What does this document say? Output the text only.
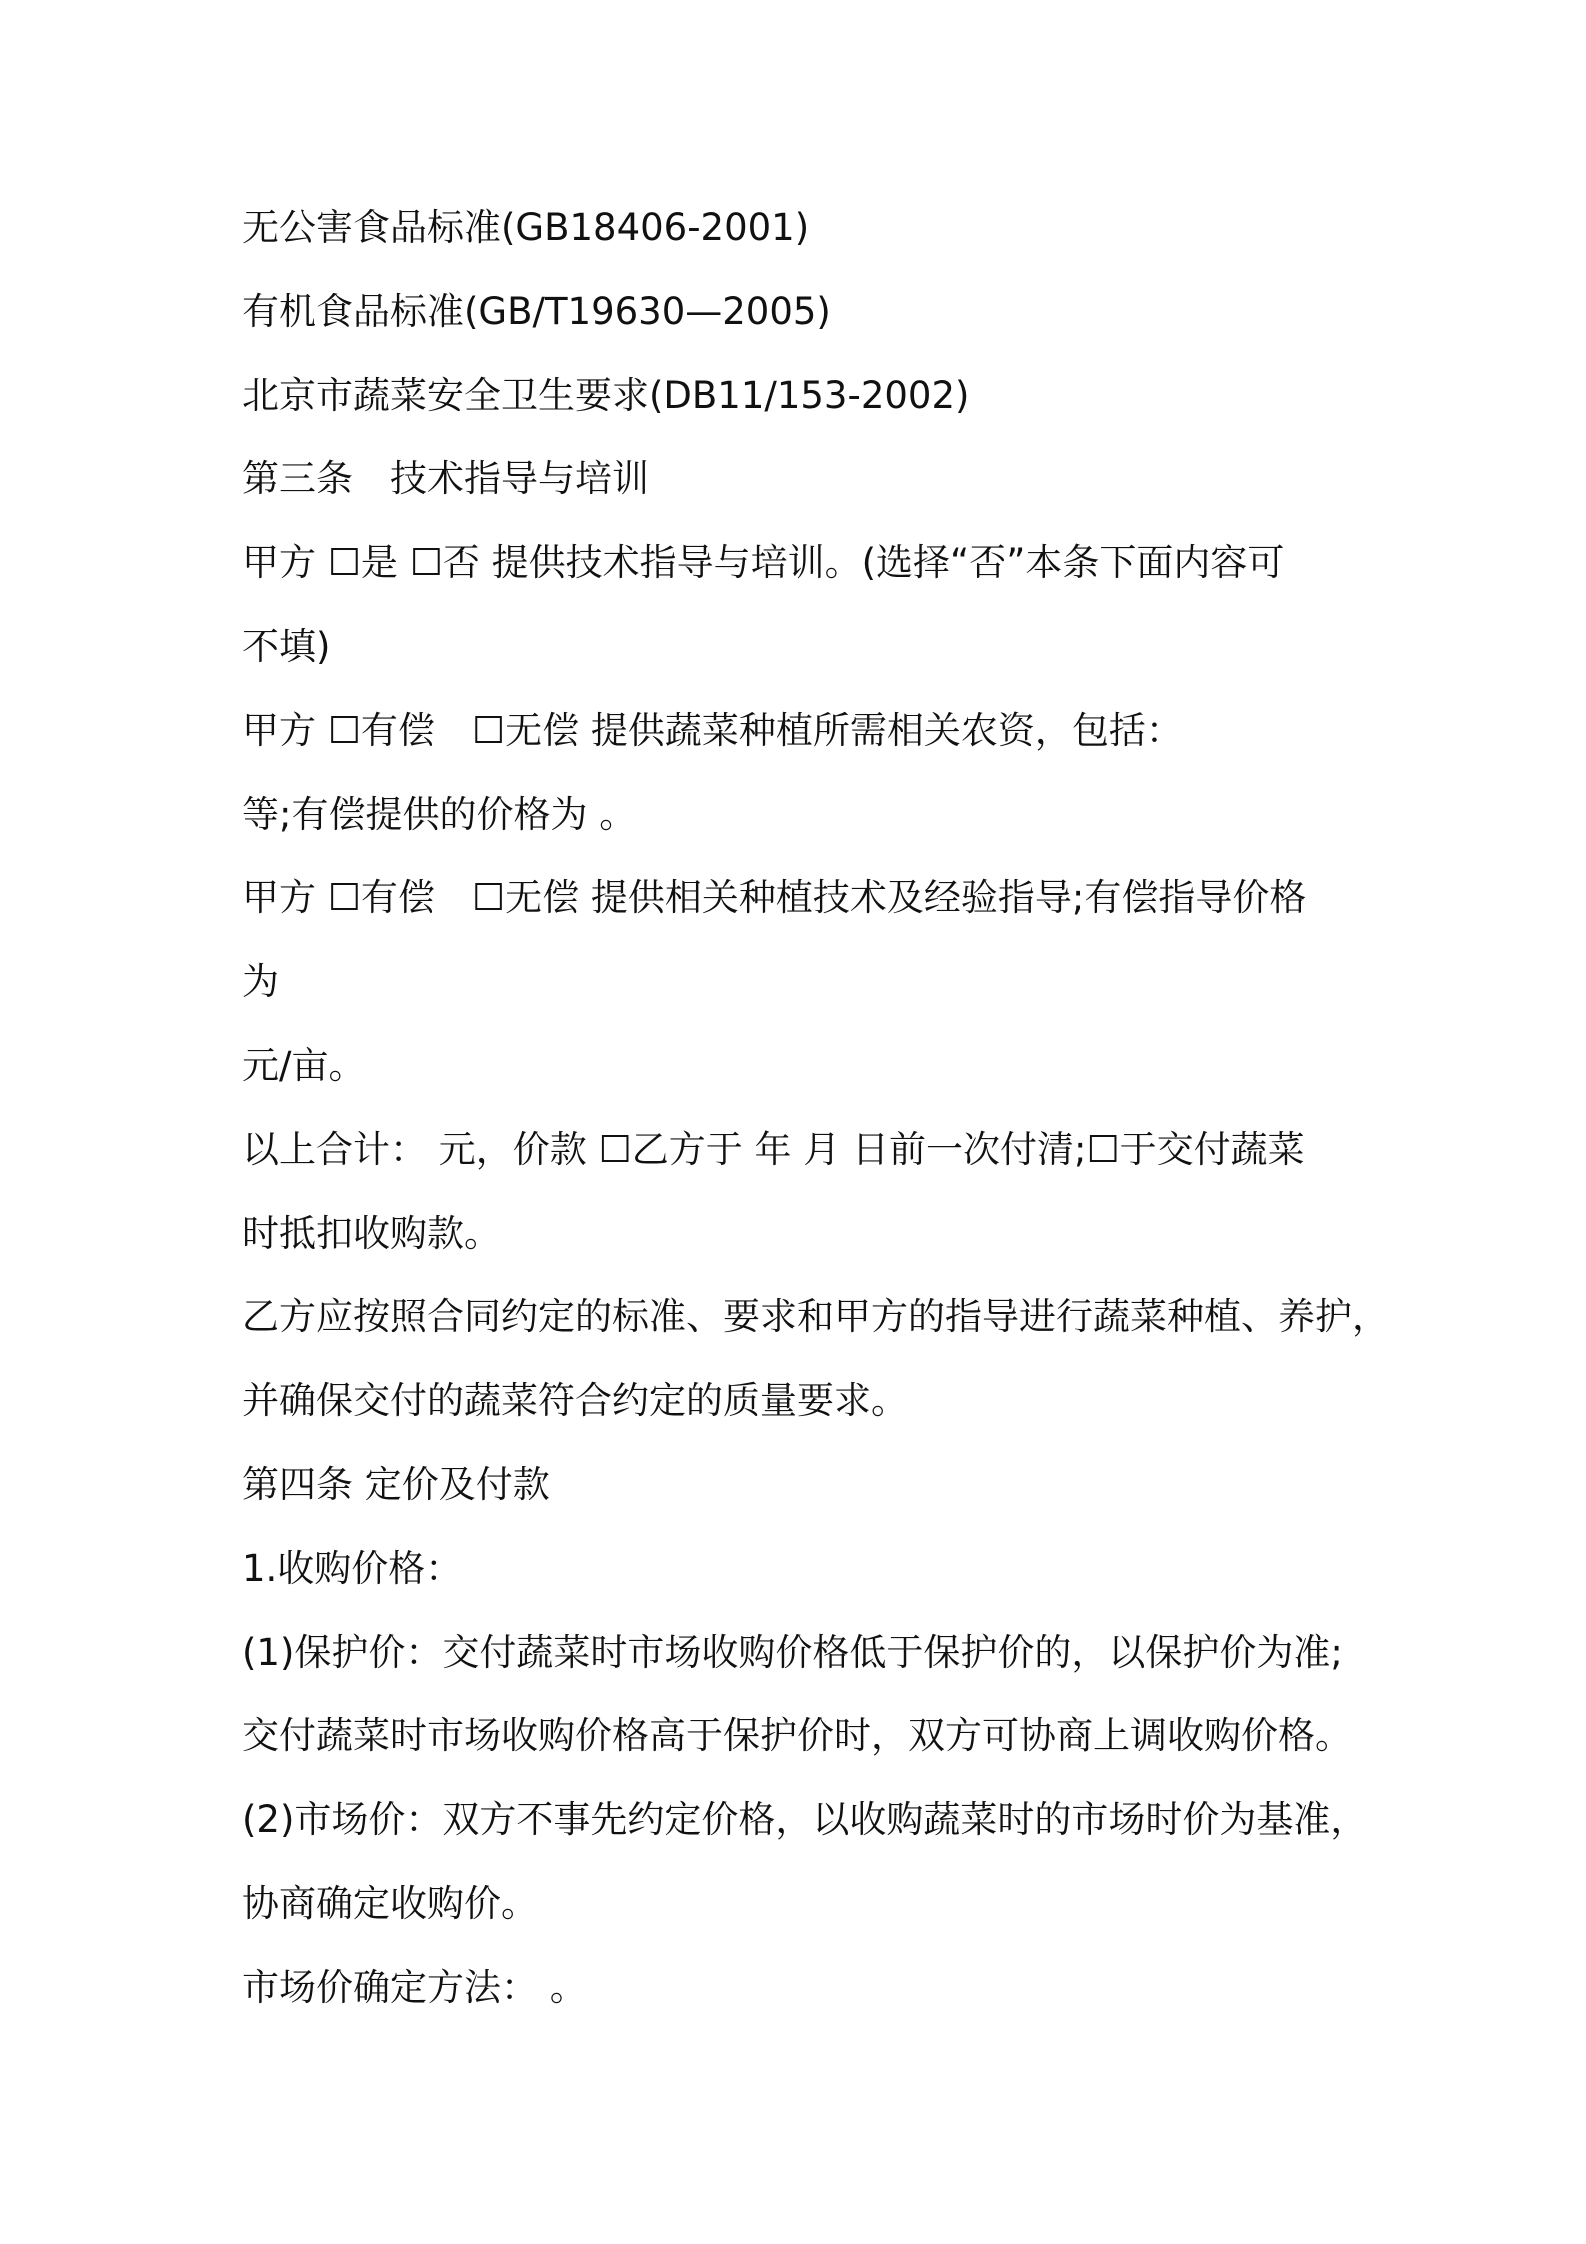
无公害食品标准(GB18406-2001)
有机食品标准(GB/T19630—2005)
北京市蔬菜安全卫生要求(DB11/153-2002)
第三条　技术指导与培训
甲方 ☐是 ☐否 提供技术指导与培训。(选择“否”本条下面内容可
不填)
甲方 ☐有偿　☐无偿 提供蔬菜种植所需相关农资，包括：
等;有偿提供的价格为 。
甲方 ☐有偿　☐无偿 提供相关种植技术及经验指导;有偿指导价格
为
元/亩。
以上合计： 元，价款 ☐乙方于 年 月 日前一次付清;☐于交付蔬菜
时抵扣收购款。
乙方应按照合同约定的标准、要求和甲方的指导进行蔬菜种植、养护，
并确保交付的蔬菜符合约定的质量要求。
第四条 定价及付款
1.收购价格：
(1)保护价：交付蔬菜时市场收购价格低于保护价的，以保护价为准;
交付蔬菜时市场收购价格高于保护价时，双方可协商上调收购价格。
(2)市场价：双方不事先约定价格，以收购蔬菜时的市场时价为基准，
协商确定收购价。
市场价确定方法： 。
